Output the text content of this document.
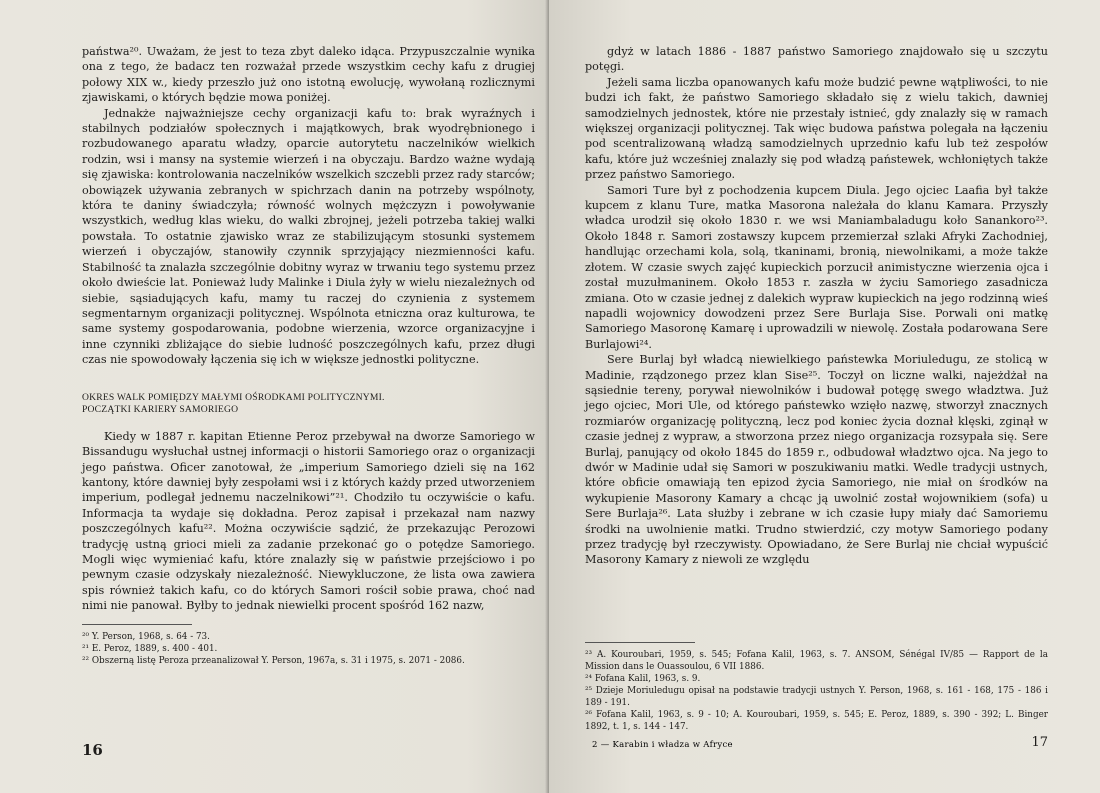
państwa²⁰. Uważam, że jest to teza zbyt daleko idąca. Przypuszczalnie wynika ona z tego, że badacz ten rozważał przede wszystkim cechy kafu z drugiej połowy XIX w., kiedy przeszło już ono istotną ewolucję, wywołaną rozlicznymi zjawiskami, o których będzie mowa poniżej.

Jednakże najważniejsze cechy organizacji kafu to: brak wyraźnych i stabilnych podziałów społecznych i majątkowych, brak wyodrębnionego i rozbudowanego aparatu władzy, oparcie autorytetu naczelników wielkich rodzin, wsi i mansy na systemie wierzeń i na obyczaju. Bardzo ważne wydają się zjawiska: kontrolowania naczelników wszelkich szczebli przez rady starców; obowiązek używania zebranych w spichrzach danin na potrzeby wspólnoty, która te daniny świadczyła; równość wolnych mężczyzn i powoływanie wszystkich, według klas wieku, do walki zbrojnej, jeżeli potrzeba takiej walki powstała. To ostatnie zjawisko wraz ze stabilizującym stosunki systemem wierzeń i obyczajów, stanowiły czynnik sprzyjający niezmienności kafu. Stabilność ta znalazła szczególnie dobitny wyraz w trwaniu tego systemu przez około dwieście lat. Ponieważ ludy Malinke i Diula żyły w wielu niezależnych od siebie, sąsiadujących kafu, mamy tu raczej do czynienia z systemem segmentarnym organizacji politycznej. Wspólnota etniczna oraz kulturowa, te same systemy gospodarowania, podobne wierzenia, wzorce organizacyjne i inne czynniki zbliżające do siebie ludność poszczególnych kafu, przez długi czas nie spowodowały łączenia się ich w większe jednostki polityczne.

OKRES WALK POMIĘDZY MAŁYMI OŚRODKAMI POLITYCZNYMI.
POCZĄTKI KARIERY SAMORIEGO

Kiedy w 1887 r. kapitan Etienne Peroz przebywał na dworze Samoriego w Bissandugu wysłuchał ustnej informacji o historii Samoriego oraz o organizacji jego państwa. Oficer zanotował, że „imperium Samoriego dzieli się na 162 kantony, które dawniej były zespołami wsi i z których każdy przed utworzeniem imperium, podlegał jednemu naczelnikowi”²¹. Chodziło tu oczywiście o kafu. Informacja ta wydaje się dokładna. Peroz zapisał i przekazał nam nazwy poszczególnych kafu²². Można oczywiście sądzić, że przekazując Perozowi tradycję ustną grioci mieli za zadanie przekonać go o potędze Samoriego. Mogli więc wymieniać kafu, które znalazły się w państwie przejściowo i po pewnym czasie odzyskały niezależność. Niewykluczone, że lista owa zawiera spis również takich kafu, co do których Samori rościł sobie prawa, choć nad nimi nie panował. Byłby to jednak niewielki procent spośród 162 nazw,

²⁰ Y. Person, 1968, s. 64 - 73.
²¹ E. Peroz, 1889, s. 400 - 401.
²² Obszerną listę Peroza przeanalizował Y. Person, 1967a, s. 31 i 1975, s. 2071 - 2086.
16

gdyż w latach 1886 - 1887 państwo Samoriego znajdowało się u szczytu potęgi.

Jeżeli sama liczba opanowanych kafu może budzić pewne wątpliwości, to nie budzi ich fakt, że państwo Samoriego składało się z wielu takich, dawniej samodzielnych jednostek, które nie przestały istnieć, gdy znalazły się w ramach większej organizacji politycznej. Tak więc budowa państwa polegała na łączeniu pod scentralizowaną władzą samodzielnych uprzednio kafu lub też zespołów kafu, które już wcześniej znalazły się pod władzą państewek, wchłoniętych także przez państwo Samoriego.

Samori Ture był z pochodzenia kupcem Diula. Jego ojciec Laafia był także kupcem z klanu Ture, matka Masorona należała do klanu Kamara. Przyszły władca urodził się około 1830 r. we wsi Maniambaladugu koło Sanankoro²³. Około 1848 r. Samori zostawszy kupcem przemierzał szlaki Afryki Zachodniej, handlując orzechami kola, solą, tkaninami, bronią, niewolnikami, a może także złotem. W czasie swych zajęć kupieckich porzucił animistyczne wierzenia ojca i został muzułmaninem. Około 1853 r. zaszła w życiu Samoriego zasadnicza zmiana. Oto w czasie jednej z dalekich wypraw kupieckich na jego rodzinną wieś napadli wojownicy dowodzeni przez Sere Burlaja Sise. Porwali oni matkę Samoriego Masoronę Kamarę i uprowadzili w niewolę. Została podarowana Sere Burlajowi²⁴.

Sere Burlaj był władcą niewielkiego państewka Moriuledugu, ze stolicą w Madinie, rządzonego przez klan Sise²⁵. Toczył on liczne walki, najeżdżał na sąsiednie tereny, porywał niewolników i budował potęgę swego władztwa. Już jego ojciec, Mori Ule, od którego państewko wzięło nazwę, stworzył znacznych rozmiarów organizację polityczną, lecz pod koniec życia doznał klęski, zginął w czasie jednej z wypraw, a stworzona przez niego organizacja rozsypała się. Sere Burlaj, panujący od około 1845 do 1859 r., odbudował władztwo ojca. Na jego to dwór w Madinie udał się Samori w poszukiwaniu matki. Wedle tradycji ustnych, które obficie omawiają ten epizod życia Samoriego, nie miał on środków na wykupienie Masorony Kamary a chcąc ją uwolnić został wojownikiem (sofa) u Sere Burlaja²⁶. Lata służby i zebrane w ich czasie łupy miały dać Samoriemu środki na uwolnienie matki. Trudno stwierdzić, czy motyw Samoriego podany przez tradycję był rzeczywisty. Opowiadano, że Sere Burlaj nie chciał wypuścić Masorony Kamary z niewoli ze względu

²³ A. Kouroubari, 1959, s. 545; Fofana Kalil, 1963, s. 7. ANSOM, Sénégal IV/85 — Rapport de la Mission dans le Ouassoulou, 6 VII 1886.
²⁴ Fofana Kalil, 1963, s. 9.
²⁵ Dzieje Moriuledugu opisał na podstawie tradycji ustnych Y. Person, 1968, s. 161 - 168, 175 - 186 i 189 - 191.
²⁶ Fofana Kalil, 1963, s. 9 - 10; A. Kouroubari, 1959, s. 545; E. Peroz, 1889, s. 390 - 392; L. Binger 1892, t. 1, s. 144 - 147.
17
2 — Karabin i władza w Afryce
